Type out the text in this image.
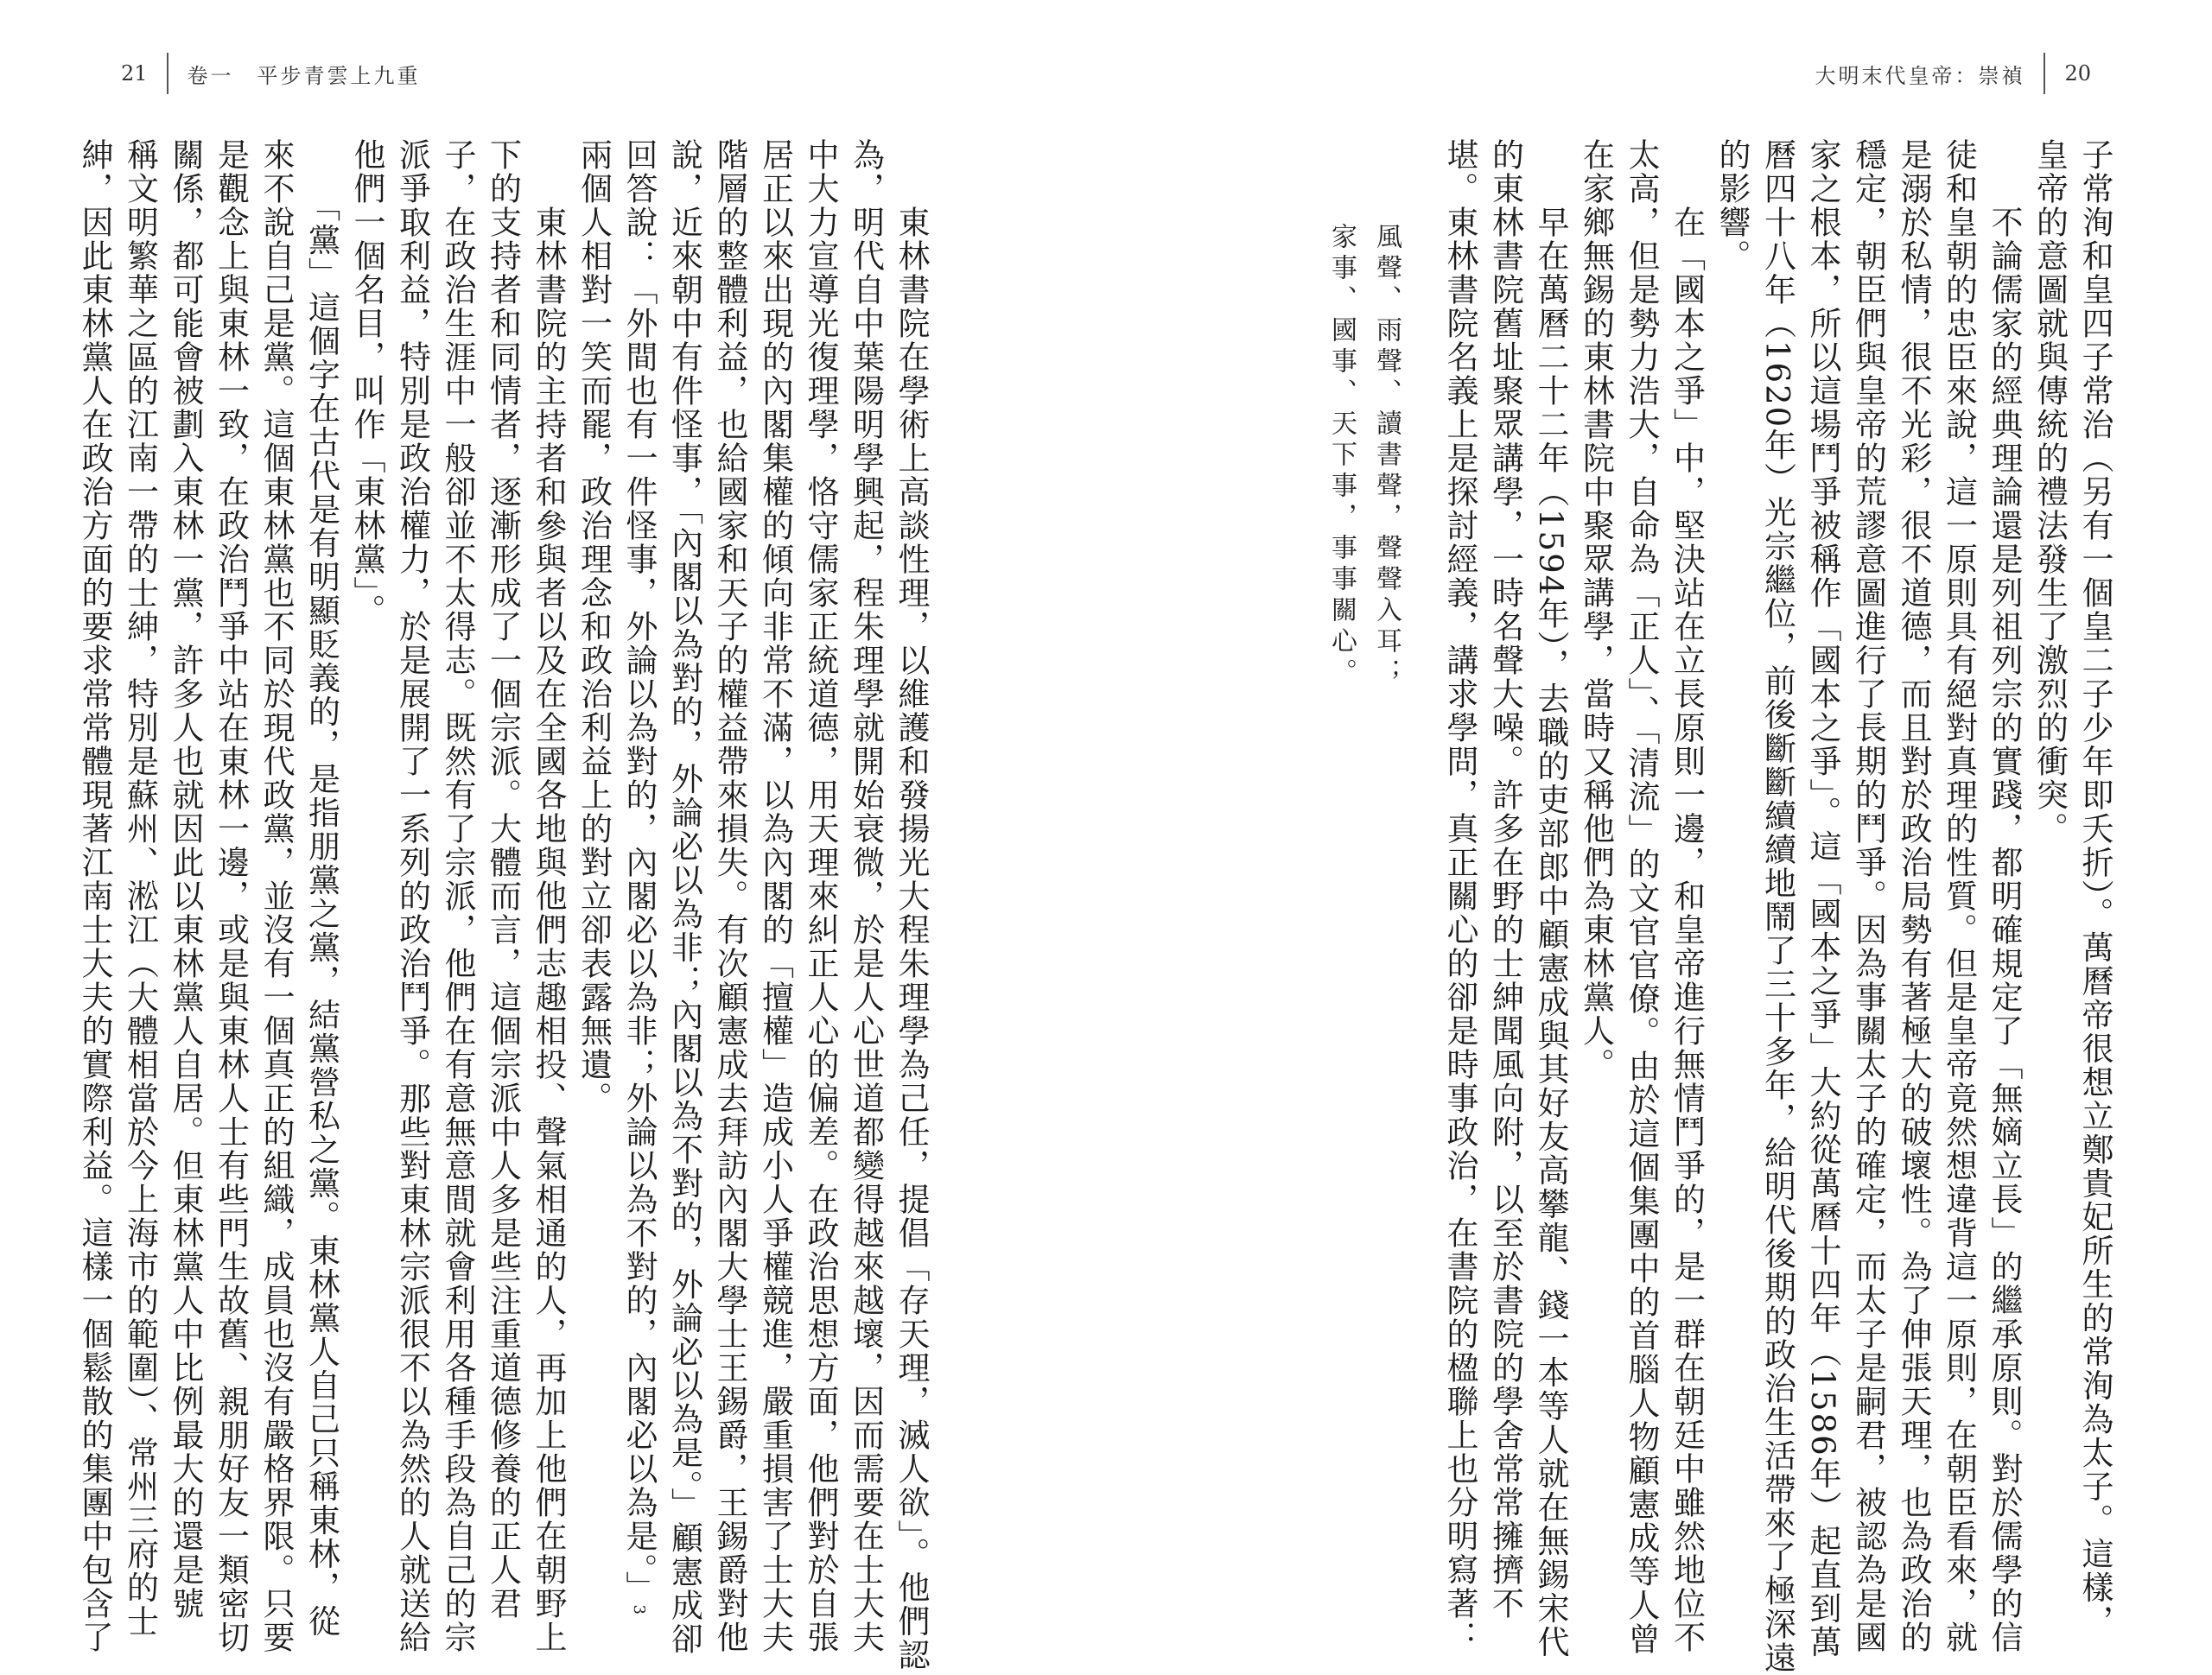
21 卷一　平步青雲上九重	大明末代皇帝：崇禎 20

子常洵和皇四子常治（另有一個皇二子少年即夭折）。萬曆帝很想立鄭貴妃所生的常洵為太子。這樣，

皇帝的意圖就與傳統的禮法發生了激烈的衝突。

　　不論儒家的經典理論還是列祖列宗的實踐，都明確規定了「無嫡立長」的繼承原則。對於儒學的信

徒和皇朝的忠臣來說，這一原則具有絕對真理的性質。但是皇帝竟然想違背這一原則，在朝臣看來，就

是溺於私情，很不光彩，很不道德，而且對於政治局勢有著極大的破壞性。為了伸張天理，也為政治的

穩定，朝臣們與皇帝的荒謬意圖進行了長期的鬥爭。因為事關太子的確定，而太子是嗣君，被認為是國

家之根本，所以這場鬥爭被稱作「國本之爭」。這「國本之爭」大約從萬曆十四年（1586年）起直到萬

曆四十八年（1620年）光宗繼位，前後斷斷續續地鬧了三十多年，給明代後期的政治生活帶來了極深遠

的影響。

　　在「國本之爭」中，堅決站在立長原則一邊，和皇帝進行無情鬥爭的，是一群在朝廷中雖然地位不

太高，但是勢力浩大，自命為「正人」、「清流」的文官官僚。由於這個集團中的首腦人物顧憲成等人曾

在家鄉無錫的東林書院中聚眾講學，當時又稱他們為東林黨人。

　　早在萬曆二十二年（1594年），去職的吏部郎中顧憲成與其好友高攀龍、錢一本等人就在無錫宋代

的東林書院舊址聚眾講學，一時名聲大噪。許多在野的士紳聞風向附，以至於書院的學舍常常擁擠不

堪。東林書院名義上是探討經義，講求學問，真正關心的卻是時事政治，在書院的楹聯上也分明寫著：

風聲、雨聲、讀書聲，聲聲入耳；

家事、國事、天下事，事事關心。

　　東林書院在學術上高談性理，以維護和發揚光大程朱理學為己任，提倡「存天理，滅人欲」。他們認

為，明代自中葉陽明學興起，程朱理學就開始衰微，於是人心世道都變得越來越壞，因而需要在士大夫

中大力宣導光復理學，恪守儒家正統道德，用天理來糾正人心的偏差。在政治思想方面，他們對於自張

居正以來出現的內閣集權的傾向非常不滿，以為內閣的「擅權」造成小人爭權競進，嚴重損害了士大夫

階層的整體利益，也給國家和天子的權益帶來損失。有次顧憲成去拜訪內閣大學士王錫爵，王錫爵對他

說，近來朝中有件怪事，「內閣以為對的，外論必以為非；內閣以為不對的，外論必以為是。」顧憲成卻

回答說：「外間也有一件怪事，外論以為對的，內閣必以為非；外論以為不對的，內閣必以為是。」3

兩個人相對一笑而罷，政治理念和政治利益上的對立卻表露無遺。

　　東林書院的主持者和參與者以及在全國各地與他們志趣相投、聲氣相通的人，再加上他們在朝野上

下的支持者和同情者，逐漸形成了一個宗派。大體而言，這個宗派中人多是些注重道德修養的正人君

子，在政治生涯中一般卻並不太得志。既然有了宗派，他們在有意無意間就會利用各種手段為自己的宗

派爭取利益，特別是政治權力，於是展開了一系列的政治鬥爭。那些對東林宗派很不以為然的人就送給

他們一個名目，叫作「東林黨」。

　　「黨」這個字在古代是有明顯貶義的，是指朋黨之黨，結黨營私之黨。東林黨人自己只稱東林，從

來不說自己是黨。這個東林黨也不同於現代政黨，並沒有一個真正的組織，成員也沒有嚴格界限。只要

是觀念上與東林一致，在政治鬥爭中站在東林一邊，或是與東林人士有些門生故舊、親朋好友一類密切

關係，都可能會被劃入東林一黨，許多人也就因此以東林黨人自居。但東林黨人中比例最大的還是號

稱文明繁華之區的江南一帶的士紳，特別是蘇州、淞江（大體相當於今上海市的範圍）、常州三府的士

紳，因此東林黨人在政治方面的要求常常體現著江南士大夫的實際利益。這樣一個鬆散的集團中包含了
